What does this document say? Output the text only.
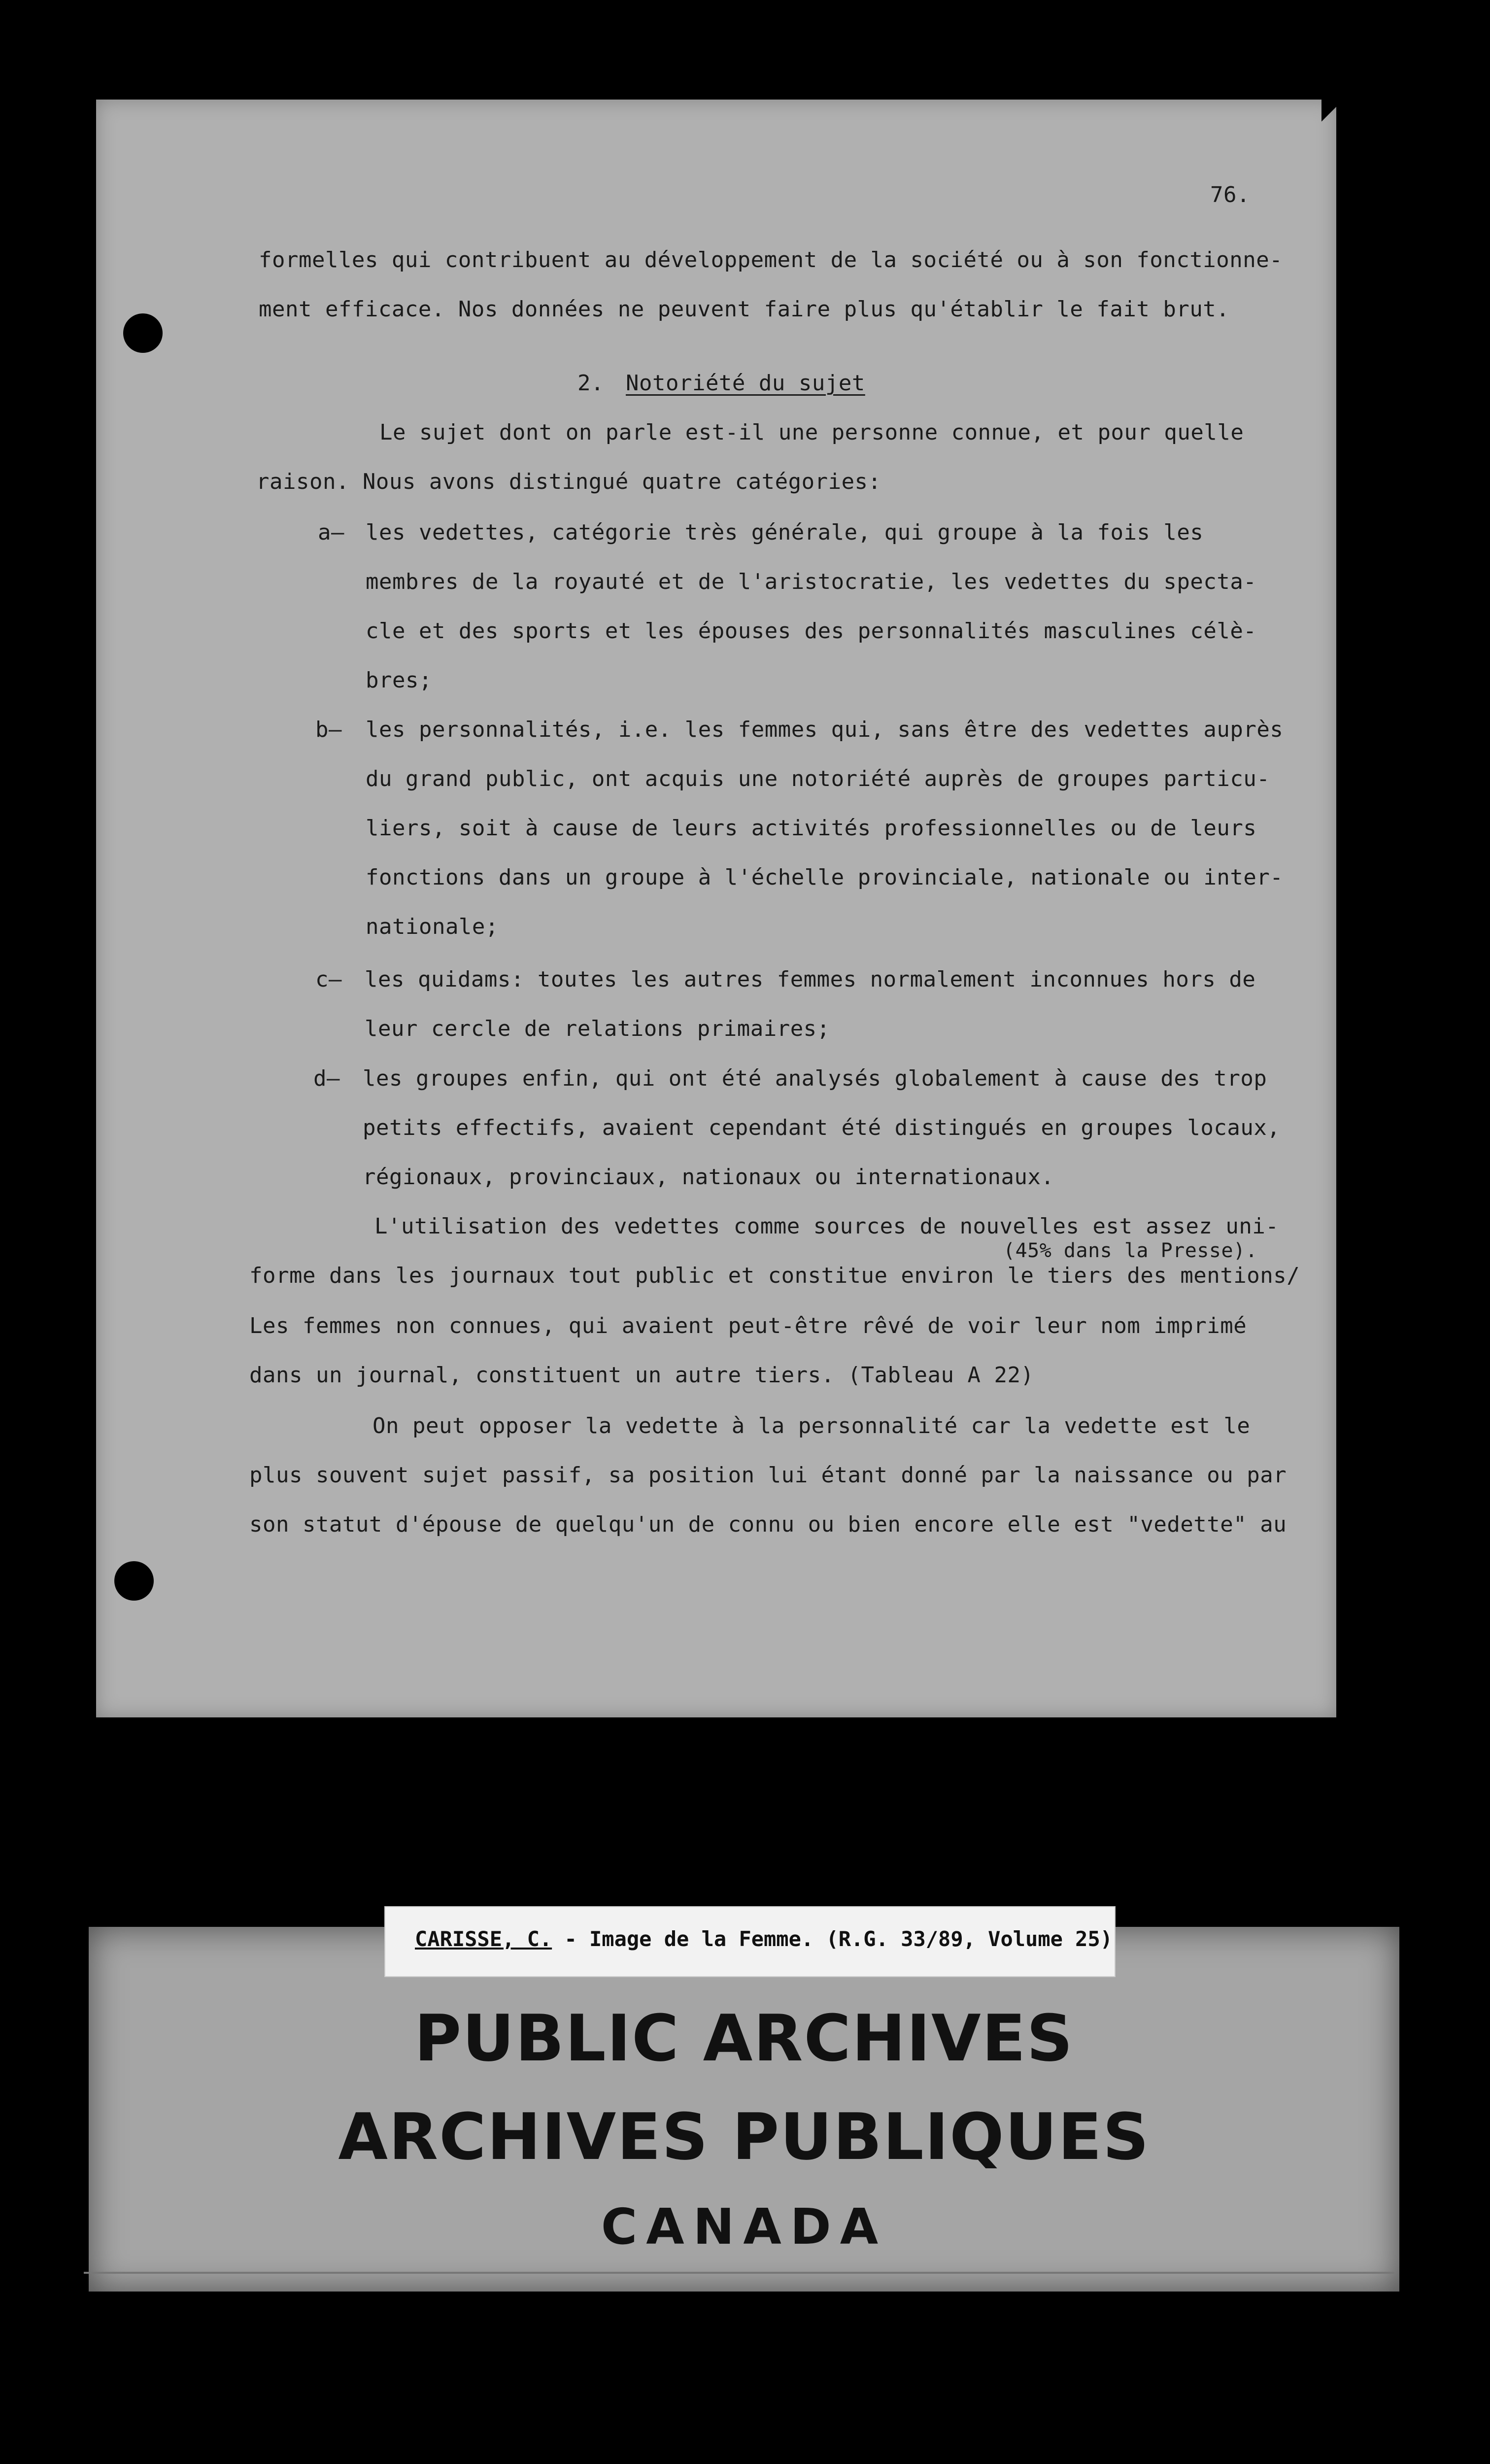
76.
formelles qui contribuent au développement de la société ou à son fonctionne-
ment efficace. Nos données ne peuvent faire plus qu'établir le fait brut.
2. Notoriété du sujet
Le sujet dont on parle est-il une personne connue, et pour quelle
raison. Nous avons distingué quatre catégories:
a— les vedettes, catégorie très générale, qui groupe à la fois les
membres de la royauté et de l'aristocratie, les vedettes du specta-
cle et des sports et les épouses des personnalités masculines célè-
bres;
b— les personnalités, i.e. les femmes qui, sans être des vedettes auprès
du grand public, ont acquis une notoriété auprès de groupes particu-
liers, soit à cause de leurs activités professionnelles ou de leurs
fonctions dans un groupe à l'échelle provinciale, nationale ou inter-
nationale;
c— les quidams: toutes les autres femmes normalement inconnues hors de
leur cercle de relations primaires;
d— les groupes enfin, qui ont été analysés globalement à cause des trop
petits effectifs, avaient cependant été distingués en groupes locaux,
régionaux, provinciaux, nationaux ou internationaux.
L'utilisation des vedettes comme sources de nouvelles est assez uni-
(45% dans la Presse).
forme dans les journaux tout public et constitue environ le tiers des mentions/
Les femmes non connues, qui avaient peut-être rêvé de voir leur nom imprimé
dans un journal, constituent un autre tiers. (Tableau A 22)
On peut opposer la vedette à la personnalité car la vedette est le
plus souvent sujet passif, sa position lui étant donné par la naissance ou par
son statut d'épouse de quelqu'un de connu ou bien encore elle est "vedette" au
PUBLIC ARCHIVES
ARCHIVES PUBLIQUES
CANADA
CARISSE, C. - Image de la Femme. (R.G. 33/89, Volume 25)
